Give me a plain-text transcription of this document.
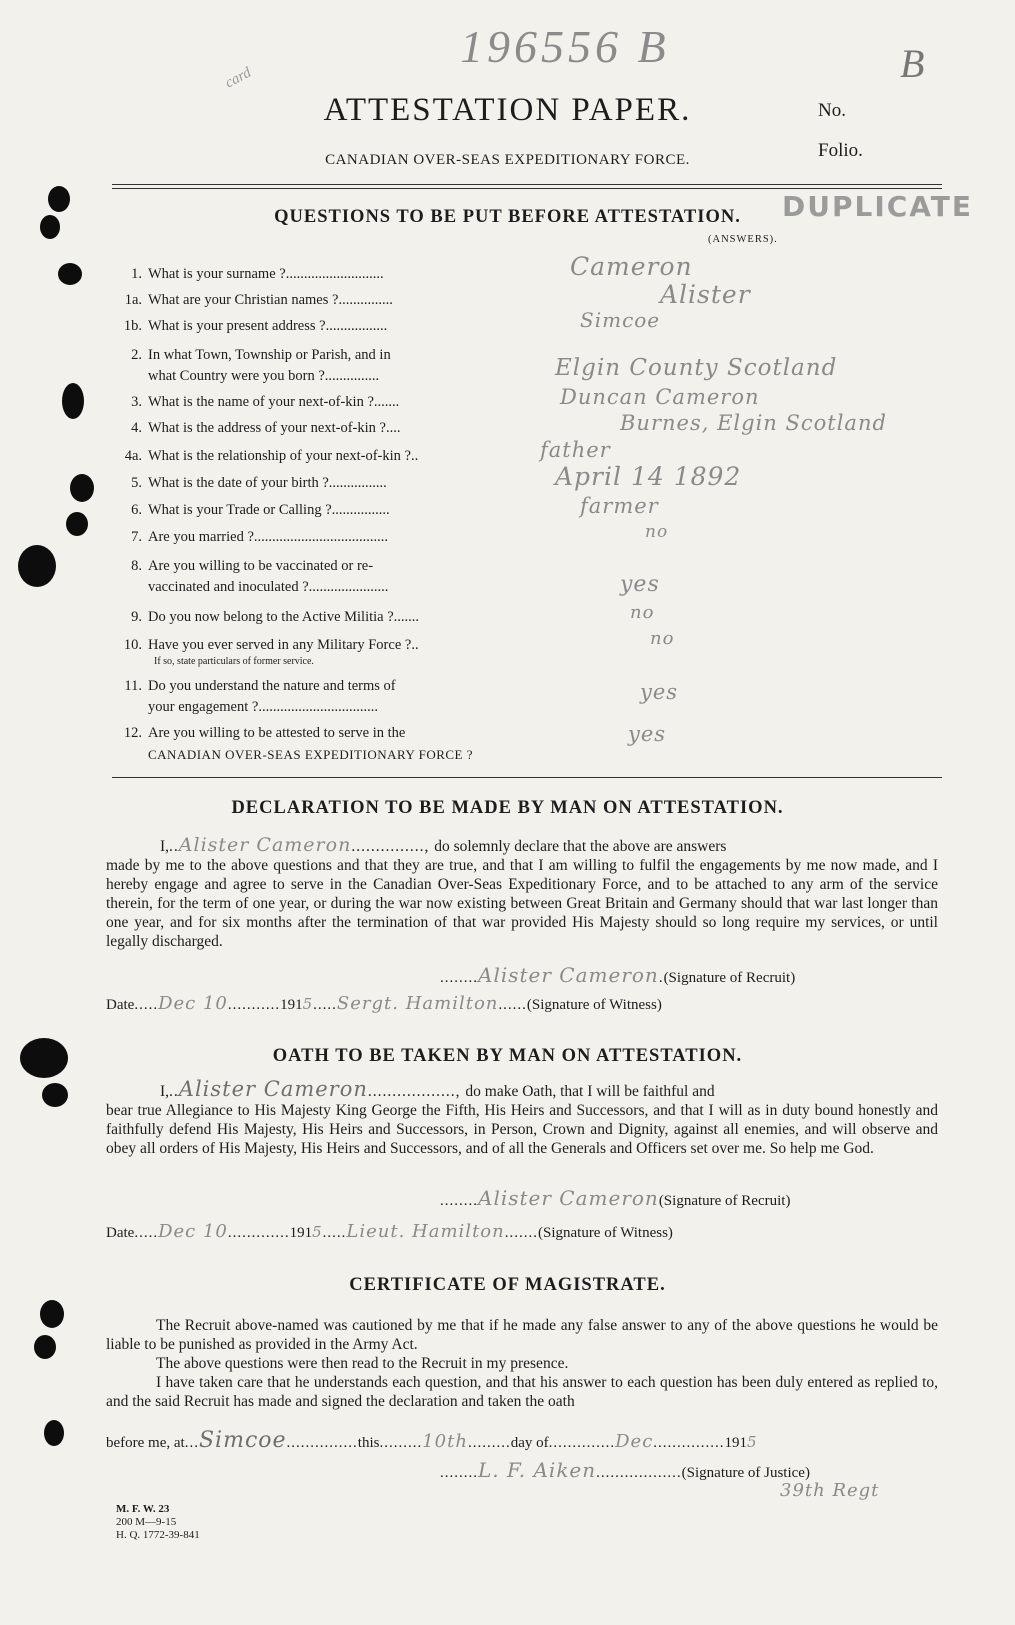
196556 B	B
card
ATTESTATION PAPER.	No.
Folio.
CANADIAN OVER-SEAS EXPEDITIONARY FORCE.
QUESTIONS TO BE PUT BEFORE ATTESTATION.	DUPLICATE
(ANSWERS).
1. What is your surname ?...........................	Cameron
1a. What are your Christian names ?...............	Alister
1b. What is your present address ?.................	Simcoe
2. In what Town, Township or Parish, and in
what Country were you born ?...............	Elgin County Scotland
3. What is the name of your next-of-kin ?.......	Duncan Cameron
4. What is the address of your next-of-kin ?....	Burnes, Elgin Scotland
4a. What is the relationship of your next-of-kin ?..	father
5. What is the date of your birth ?................	April 14 1892
6. What is your Trade or Calling ?................	farmer
7. Are you married ?.....................................	no
8. Are you willing to be vaccinated or re-
vaccinated and inoculated ?......................	yes
9. Do you now belong to the Active Militia ?.......	no
10. Have you ever served in any Military Force ?..
If so, state particulars of former service.
no
11. Do you understand the nature and terms of
your engagement ?.................................
yes
12. Are you willing to be attested to serve in the
CANADIAN OVER-SEAS EXPEDITIONARY FORCE ?
yes
DECLARATION TO BE MADE BY MAN ON ATTESTATION.

I,..Alister Cameron..............., do solemnly declare that the above are answers

made by me to the above questions and that they are true, and that I am willing to fulfil the engagements by me now made, and I hereby engage and agree to serve in the Canadian Over-Seas Expeditionary Force, and to be attached to any arm of the service therein, for the term of one year, or during the war now existing between Great Britain and Germany should that war last longer than one year, and for six months after the termination of that war provided His Majesty should so long require my services, or until legally discharged.

........Alister Cameron.(Signature of Recruit)
Date.....Dec 10...........1915.....Sergt. Hamilton......(Signature of Witness)
OATH TO BE TAKEN BY MAN ON ATTESTATION.

I,..Alister Cameron.................., do make Oath, that I will be faithful and

bear true Allegiance to His Majesty King George the Fifth, His Heirs and Successors, and that I will as in duty bound honestly and faithfully defend His Majesty, His Heirs and Successors, in Person, Crown and Dignity, against all enemies, and will observe and obey all orders of His Majesty, His Heirs and Successors, and of all the Generals and Officers set over me. So help me God.

........Alister Cameron(Signature of Recruit)
Date.....Dec 10.............1915.....Lieut. Hamilton.......(Signature of Witness)
CERTIFICATE OF MAGISTRATE.

The Recruit above-named was cautioned by me that if he made any false answer to any of the above questions he would be liable to be punished as provided in the Army Act.

The above questions were then read to the Recruit in my presence.

I have taken care that he understands each question, and that his answer to each question has been duly entered as replied to, and the said Recruit has made and signed the declaration and taken the oath

before me, at...Simcoe...............this.........10th.........day of..............Dec...............1915
........L. F. Aiken..................(Signature of Justice)
39th Regt
M. F. W. 23
200 M—9-15
H. Q. 1772-39-841
